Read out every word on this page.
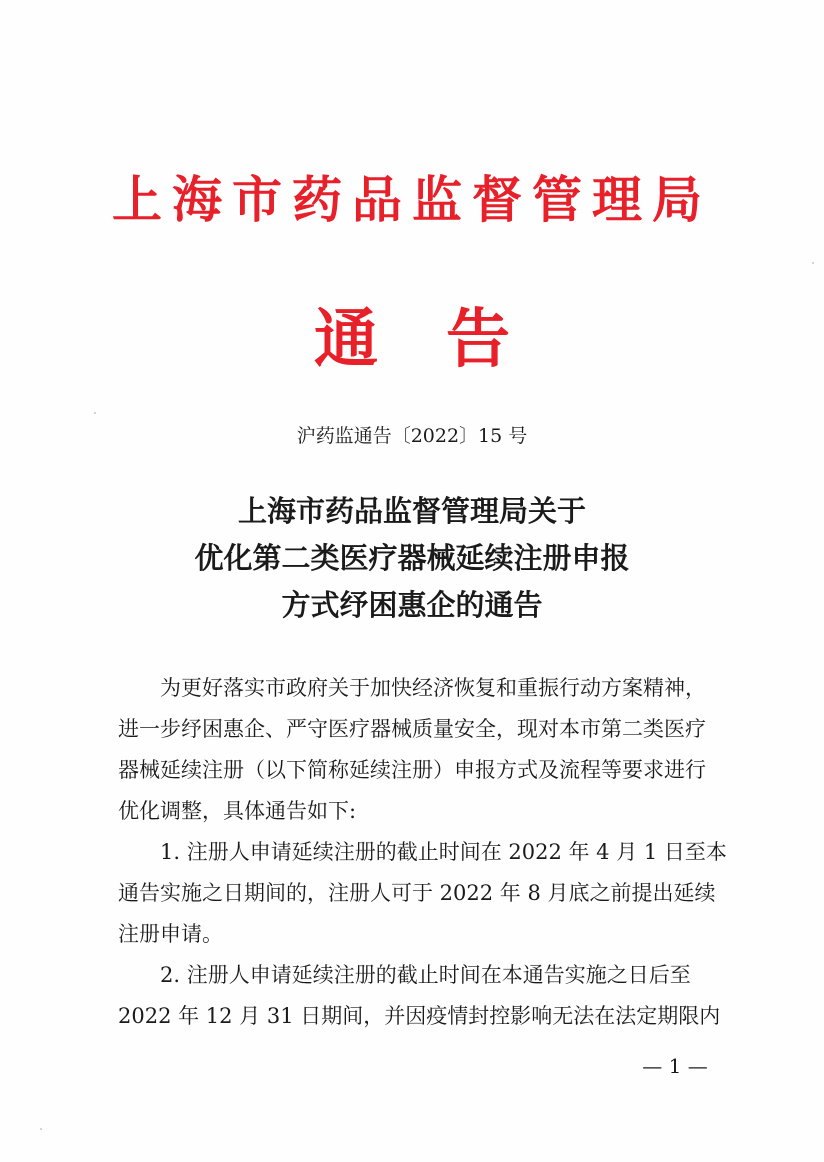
上海市药品监督管理局
通告
沪药监通告〔2022〕15 号
上海市药品监督管理局关于
优化第二类医疗器械延续注册申报
方式纾困惠企的通告
　　为更好落实市政府关于加快经济恢复和重振行动方案精神，
进一步纾困惠企、严守医疗器械质量安全，现对本市第二类医疗
器械延续注册（以下简称延续注册）申报方式及流程等要求进行
优化调整，具体通告如下:
　　1. 注册人申请延续注册的截止时间在 2022 年 4 月 1 日至本
通告实施之日期间的，注册人可于 2022 年 8 月底之前提出延续
注册申请。
　　2. 注册人申请延续注册的截止时间在本通告实施之日后至
2022 年 12 月 31 日期间，并因疫情封控影响无法在法定期限内
— 1 —
